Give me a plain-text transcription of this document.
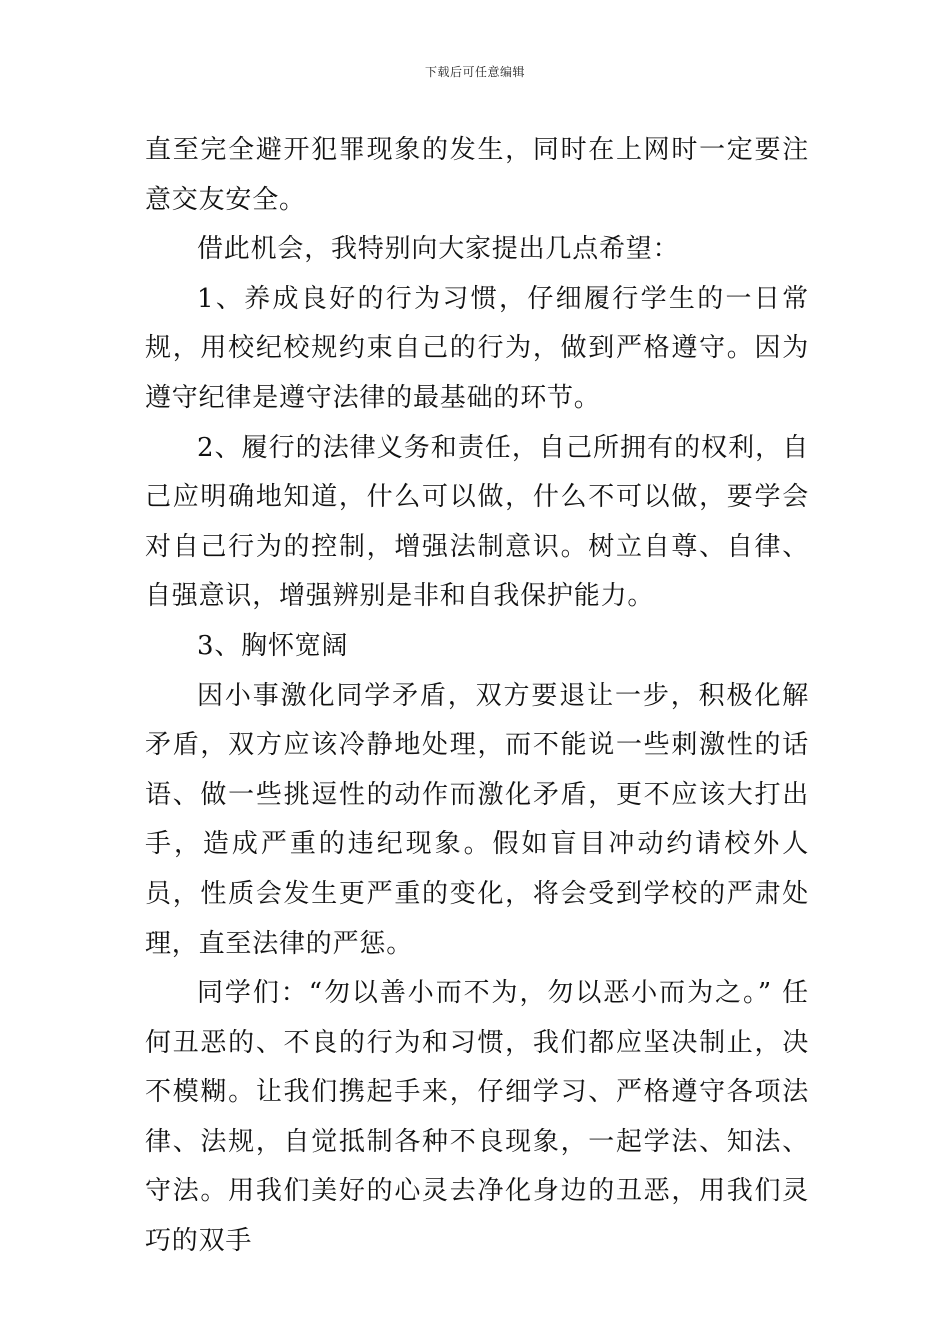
下载后可任意编辑

直至完全避开犯罪现象的发生，同时在上网时一定要注意交友安全。

借此机会，我特别向大家提出几点希望：

1、养成良好的行为习惯，仔细履行学生的一日常规，用校纪校规约束自己的行为，做到严格遵守。因为遵守纪律是遵守法律的最基础的环节。

2、履行的法律义务和责任，自己所拥有的权利，自己应明确地知道，什么可以做，什么不可以做，要学会对自己行为的控制，增强法制意识。树立自尊、自律、自强意识，增强辨别是非和自我保护能力。

3、胸怀宽阔

因小事激化同学矛盾，双方要退让一步，积极化解矛盾，双方应该冷静地处理，而不能说一些刺激性的话语、做一些挑逗性的动作而激化矛盾，更不应该大打出手，造成严重的违纪现象。假如盲目冲动约请校外人员，性质会发生更严重的变化，将会受到学校的严肃处理，直至法律的严惩。

同学们：“勿以善小而不为，勿以恶小而为之。” 任何丑恶的、不良的行为和习惯，我们都应坚决制止，决不模糊。让我们携起手来，仔细学习、严格遵守各项法律、法规，自觉抵制各种不良现象，一起学法、知法、守法。用我们美好的心灵去净化身边的丑恶，用我们灵巧的双手
